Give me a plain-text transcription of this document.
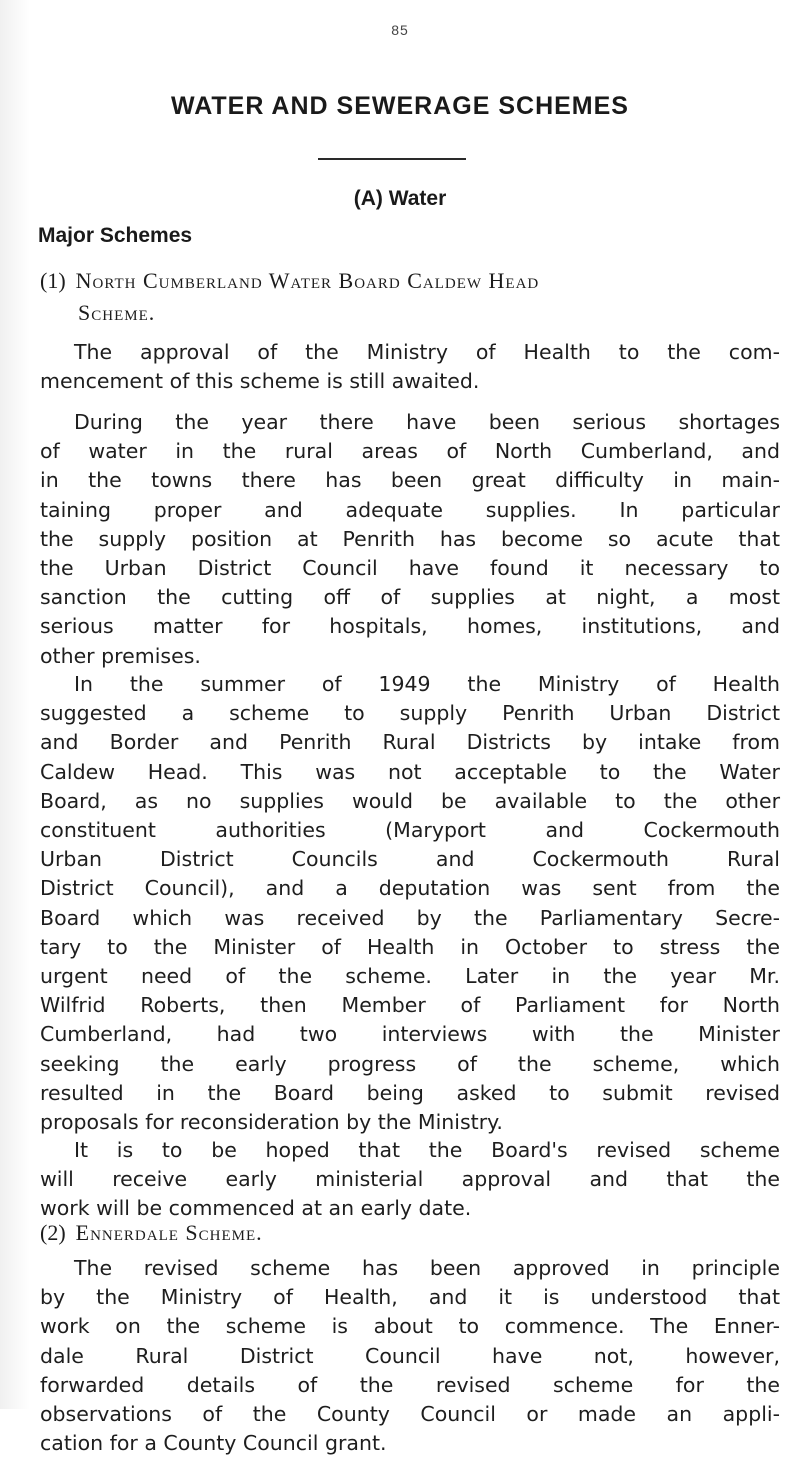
85
WATER AND SEWERAGE SCHEMES
(A) Water
Major Schemes
(1) North Cumberland Water Board Caldew Head
Scheme.
The approval of the Ministry of Health to the com-
mencement of this scheme is still awaited.
During the year there have been serious shortages
of water in the rural areas of North Cumberland, and
in the towns there has been great difficulty in main-
taining proper and adequate supplies. In particular
the supply position at Penrith has become so acute that
the Urban District Council have found it necessary to
sanction the cutting off of supplies at night, a most
serious matter for hospitals, homes, institutions, and
other premises.
In the summer of 1949 the Ministry of Health
suggested a scheme to supply Penrith Urban District
and Border and Penrith Rural Districts by intake from
Caldew Head. This was not acceptable to the Water
Board, as no supplies would be available to the other
constituent authorities (Maryport and Cockermouth
Urban District Councils and Cockermouth Rural
District Council), and a deputation was sent from the
Board which was received by the Parliamentary Secre-
tary to the Minister of Health in October to stress the
urgent need of the scheme. Later in the year Mr.
Wilfrid Roberts, then Member of Parliament for North
Cumberland, had two interviews with the Minister
seeking the early progress of the scheme, which
resulted in the Board being asked to submit revised
proposals for reconsideration by the Ministry.
It is to be hoped that the Board's revised scheme
will receive early ministerial approval and that the
work will be commenced at an early date.
(2) Ennerdale Scheme.
The revised scheme has been approved in principle
by the Ministry of Health, and it is understood that
work on the scheme is about to commence. The Enner-
dale Rural District Council have not, however,
forwarded details of the revised scheme for the
observations of the County Council or made an appli-
cation for a County Council grant.
